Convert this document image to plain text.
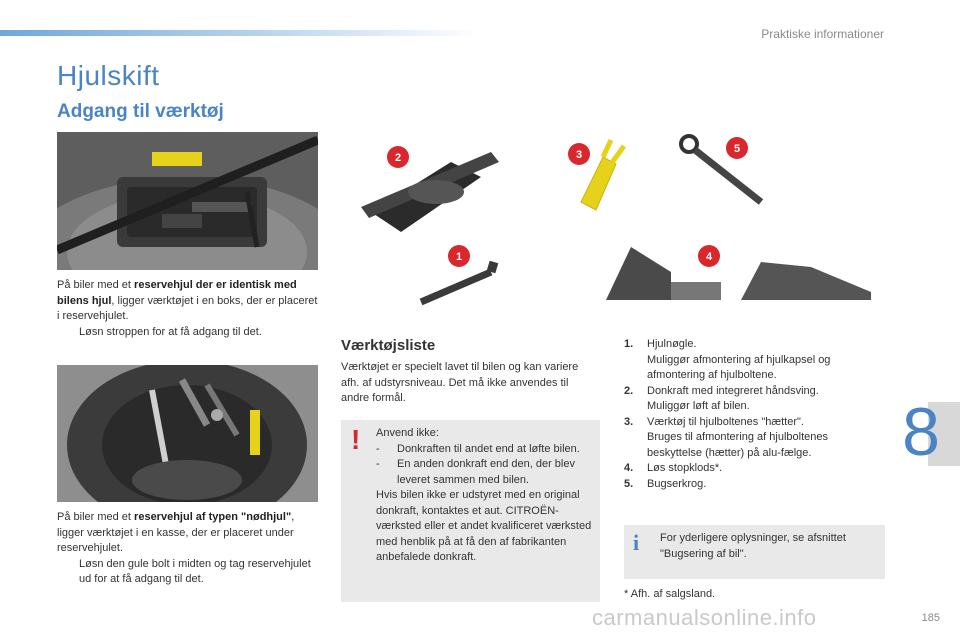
Praktiske informationer
8
Hjulskift
Adgang til værktøj
På biler med et reservehjul der er identisk med bilens hjul, ligger værktøjet i en boks, der er placeret i reservehjulet.
Løsn stroppen for at få adgang til det.
På biler med et reservehjul af typen "nødhjul", ligger værktøjet i en kasse, der er placeret under reservehjulet.
Løsn den gule bolt i midten og tag reservehjulet ud for at få adgang til det.
2	3	5
1	4
Værktøjsliste
Værktøjet er specielt lavet til bilen og kan variere afh. af udstyrsniveau. Det må ikke anvendes til andre formål.
! Anvend ikke:
-	Donkraften til andet end at løfte bilen.
-	En anden donkraft end den, der blev leveret sammen med bilen.
Hvis bilen ikke er udstyret med en original donkraft, kontaktes et aut. CITROËN-værksted eller et andet kvalificeret værksted med henblik på at få den af fabrikanten anbefalede donkraft.
1.	Hjulnøgle.
Muliggør afmontering af hjulkapsel og afmontering af hjulboltene.
2.	Donkraft med integreret håndsving.
Muliggør løft af bilen.
3.	Værktøj til hjulboltenes "hætter".
Bruges til afmontering af hjulboltenes beskyttelse (hætter) på alu-fælge.
4.	Løs stopklods*.
5.	Bugserkrog.
i For yderligere oplysninger, se afsnittet "Bugsering af bil".
* Afh. af salgsland.
carmanualsonline.info	185
